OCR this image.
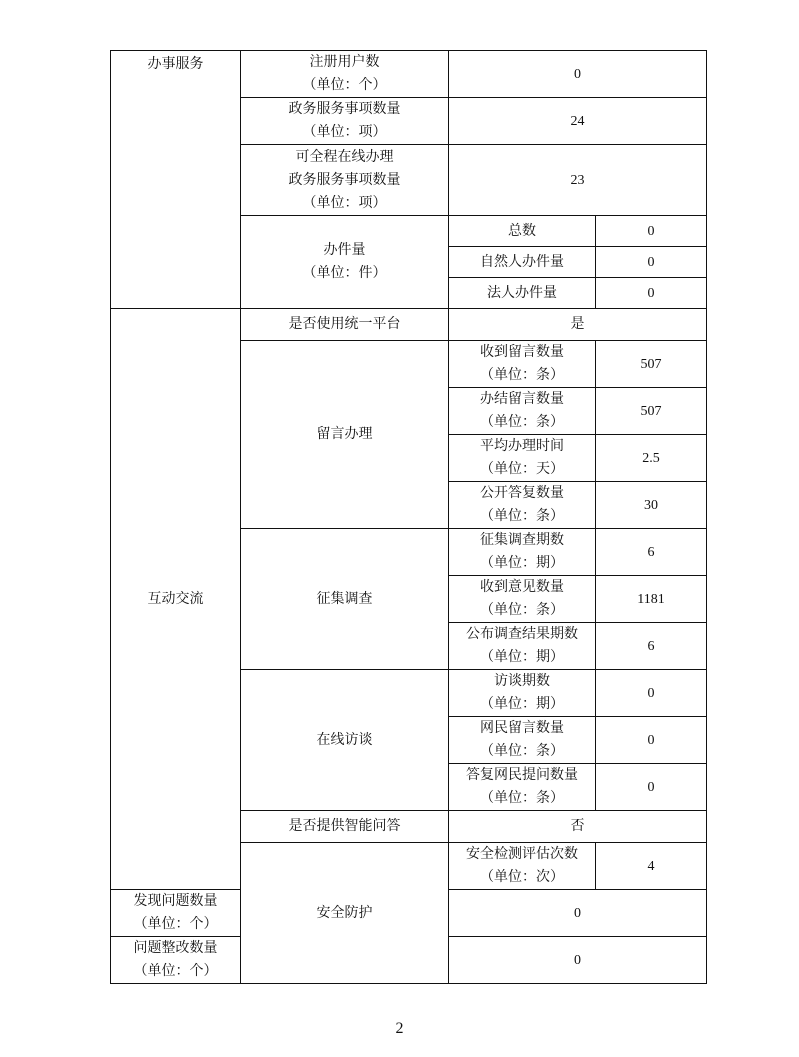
办事服务	注册用户数
（单位：个）	0	

	政务服务事项数量
（单位：项）	24	

	可全程在线办理
政务服务事项数量
（单位：项）	23	

	办件量
（单位：件）	总数	0
		自然人办件量	0
		法人办件量	0
互动交流	是否使用统一平台	是	
	留言办理	收到留言数量
（单位：条）	507

		办结留言数量
（单位：条）	507

		平均办理时间
（单位：天）	2.5

		公开答复数量
（单位：条）	30
	征集调查	征集调查期数
（单位：期）	6

		收到意见数量
（单位：条）	1181

		公布调查结果期数
（单位：期）	6
	在线访谈	访谈期数
（单位：期）	0

		网民留言数量
（单位：条）	0

		答复网民提问数量
（单位：条）	0
	是否提供智能问答	否	
	安全防护	安全检测评估次数
（单位：次）	4

发现问题数量
（单位：个）		0	

问题整改数量
（单位：个）		0	
2
